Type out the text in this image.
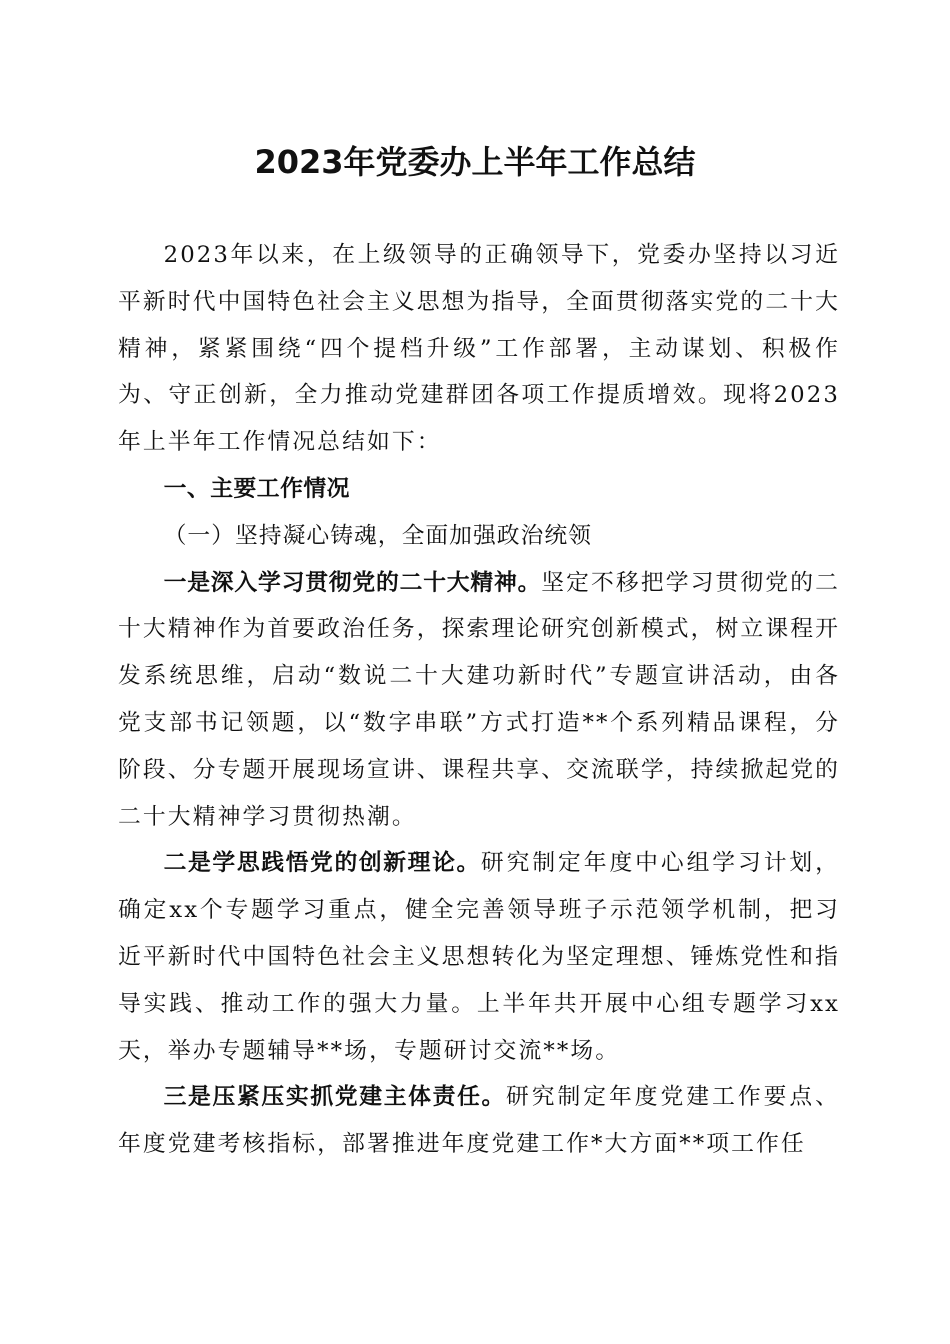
2023年党委办上半年工作总结

2023年以来，在上级领导的正确领导下，党委办坚持以习近平新时代中国特色社会主义思想为指导，全面贯彻落实党的二十大精神，紧紧围绕“四个提档升级”工作部署，主动谋划、积极作为、守正创新，全力推动党建群团各项工作提质增效。现将2023年上半年工作情况总结如下：

一、主要工作情况

（一）坚持凝心铸魂，全面加强政治统领

一是深入学习贯彻党的二十大精神。坚定不移把学习贯彻党的二十大精神作为首要政治任务，探索理论研究创新模式，树立课程开发系统思维，启动“数说二十大建功新时代”专题宣讲活动，由各党支部书记领题，以“数字串联”方式打造**个系列精品课程，分阶段、分专题开展现场宣讲、课程共享、交流联学，持续掀起党的二十大精神学习贯彻热潮。

二是学思践悟党的创新理论。研究制定年度中心组学习计划，确定xx个专题学习重点，健全完善领导班子示范领学机制，把习近平新时代中国特色社会主义思想转化为坚定理想、锤炼党性和指导实践、推动工作的强大力量。上半年共开展中心组专题学习xx天，举办专题辅导**场，专题研讨交流**场。

三是压紧压实抓党建主体责任。研究制定年度党建工作要点、年度党建考核指标，部署推进年度党建工作*大方面**项工作任
